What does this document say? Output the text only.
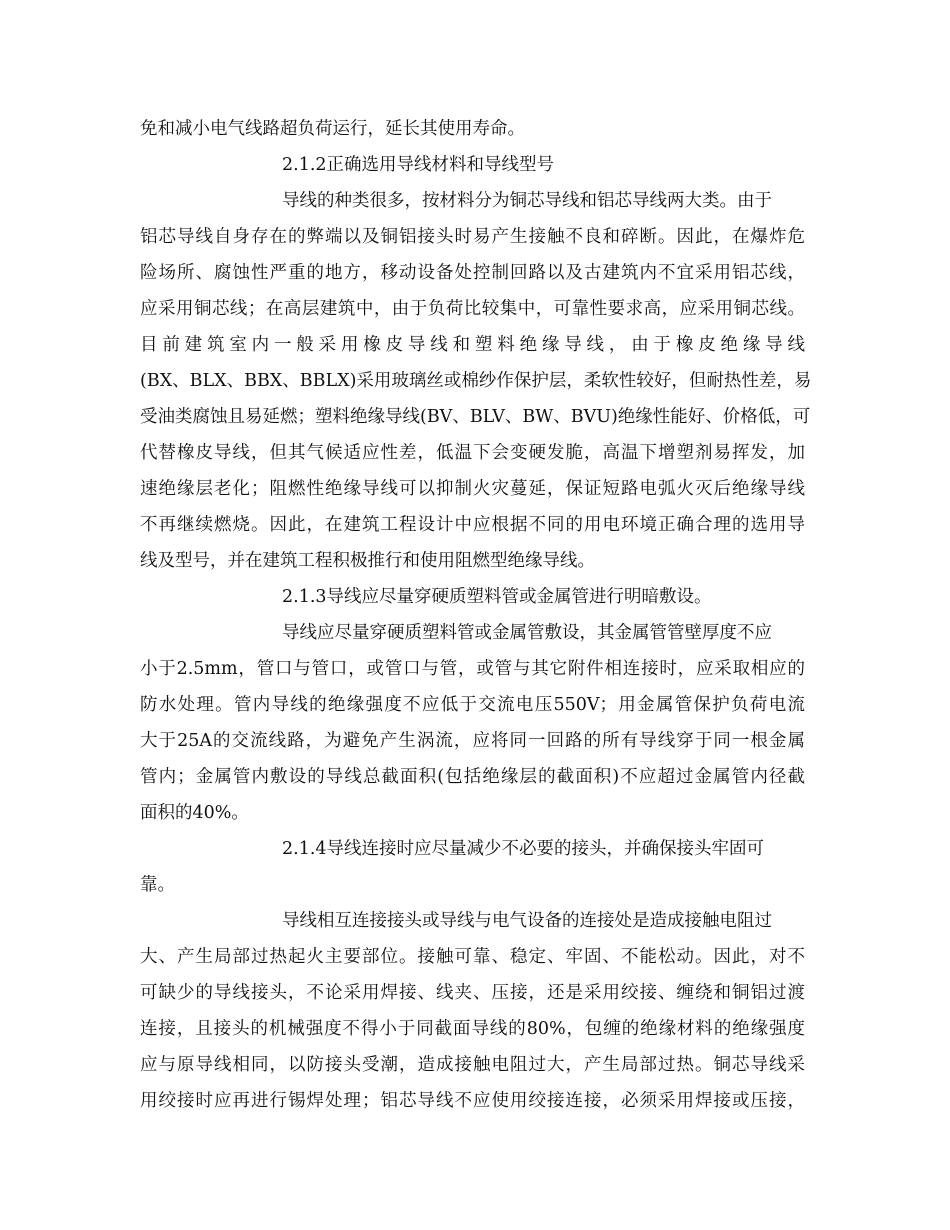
免和减小电气线路超负荷运行，延长其使用寿命。
2.1.2正确选用导线材料和导线型号
导线的种类很多，按材料分为铜芯导线和铝芯导线两大类。由于
铝芯导线自身存在的弊端以及铜铝接头时易产生接触不良和碎断。因此，在爆炸危
险场所、腐蚀性严重的地方，移动设备处控制回路以及古建筑内不宜采用铝芯线，
应采用铜芯线；在高层建筑中，由于负荷比较集中，可靠性要求高，应采用铜芯线。
目前建筑室内一般采用橡皮导线和塑料绝缘导线，由于橡皮绝缘导线
(BX、BLX、BBX、BBLX)采用玻璃丝或棉纱作保护层，柔软性较好，但耐热性差，易
受油类腐蚀且易延燃；塑料绝缘导线(BV、BLV、BW、BVU)绝缘性能好、价格低，可
代替橡皮导线，但其气候适应性差，低温下会变硬发脆，高温下增塑剂易挥发，加
速绝缘层老化；阻燃性绝缘导线可以抑制火灾蔓延，保证短路电弧火灭后绝缘导线
不再继续燃烧。因此，在建筑工程设计中应根据不同的用电环境正确合理的选用导
线及型号，并在建筑工程积极推行和使用阻燃型绝缘导线。
2.1.3导线应尽量穿硬质塑料管或金属管进行明暗敷设。
导线应尽量穿硬质塑料管或金属管敷设，其金属管管壁厚度不应
小于2.5mm，管口与管口，或管口与管，或管与其它附件相连接时，应采取相应的
防水处理。管内导线的绝缘强度不应低于交流电压550V；用金属管保护负荷电流
大于25A的交流线路，为避免产生涡流，应将同一回路的所有导线穿于同一根金属
管内；金属管内敷设的导线总截面积(包括绝缘层的截面积)不应超过金属管内径截
面积的40%。
2.1.4导线连接时应尽量减少不必要的接头，并确保接头牢固可
靠。
导线相互连接接头或导线与电气设备的连接处是造成接触电阻过
大、产生局部过热起火主要部位。接触可靠、稳定、牢固、不能松动。因此，对不
可缺少的导线接头，不论采用焊接、线夹、压接，还是采用绞接、缠绕和铜铝过渡
连接，且接头的机械强度不得小于同截面导线的80%，包缠的绝缘材料的绝缘强度
应与原导线相同，以防接头受潮，造成接触电阻过大，产生局部过热。铜芯导线采
用绞接时应再进行锡焊处理；铝芯导线不应使用绞接连接，必须采用焊接或压接，
